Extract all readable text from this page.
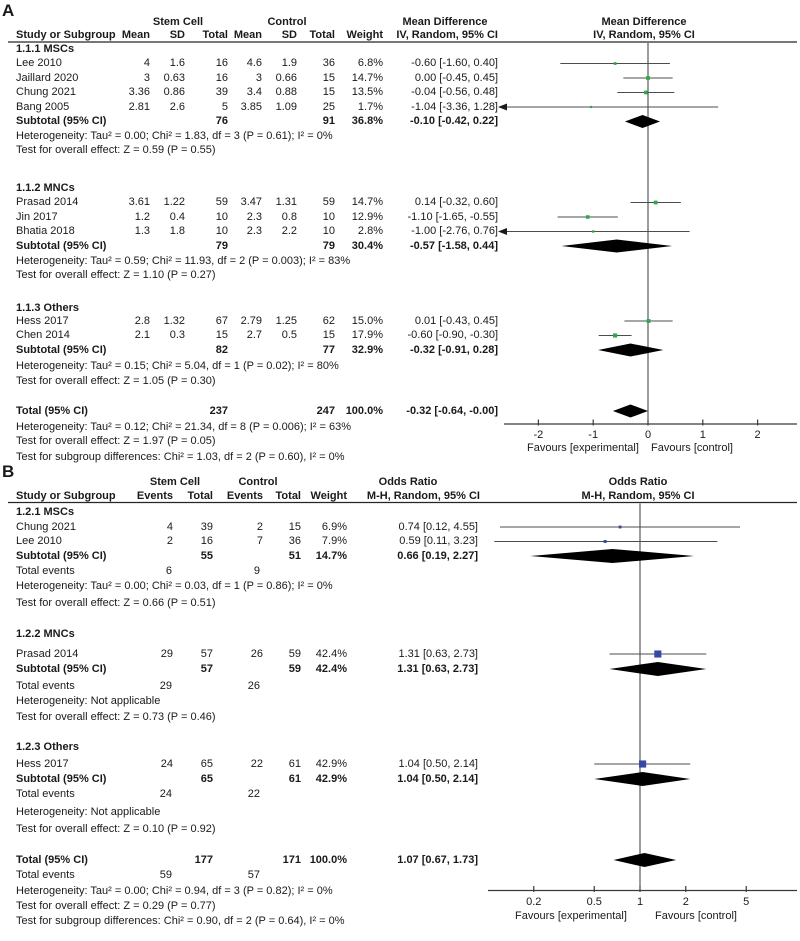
A
Stem Cell	Control	Mean Difference	Mean Difference
Study or Subgroup Mean	SD	Total Mean	SD	Total	Weight	IV, Random, 95% CI	IV, Random, 95% CI
1.1.1 MSCs
Lee 2010	4	1.6	16	4.6	1.9	36	6.8%	-0.60 [-1.60, 0.40]
Jaillard 2020	3	0.63	16	3	0.66	15	14.7%	0.00 [-0.45, 0.45]
Chung 2021	3.36	0.86	39	3.4	0.88	15	13.5%	-0.04 [-0.56, 0.48]
Bang 2005	2.81	2.6	5	3.85	1.09	25	1.7%	-1.04 [-3.36, 1.28]
Subtotal (95% CI)	76	91	36.8%	-0.10 [-0.42, 0.22]
Heterogeneity: Tau² = 0.00; Chi² = 1.83, df = 3 (P = 0.61); I² = 0%
Test for overall effect: Z = 0.59 (P = 0.55)
1.1.2 MNCs
Prasad 2014	3.61	1.22	59	3.47	1.31	59	14.7%	0.14 [-0.32, 0.60]
Jin 2017	1.2	0.4	10	2.3	0.8	10	12.9%	-1.10 [-1.65, -0.55]
Bhatia 2018	1.3	1.8	10	2.3	2.2	10	2.8%	-1.00 [-2.76, 0.76]
Subtotal (95% CI)	79	79	30.4%	-0.57 [-1.58, 0.44]
Heterogeneity: Tau² = 0.59; Chi² = 11.93, df = 2 (P = 0.003); I² = 83%
Test for overall effect: Z = 1.10 (P = 0.27)
1.1.3 Others
Hess 2017	2.8	1.32	67	2.79	1.25	62	15.0%	0.01 [-0.43, 0.45]
Chen 2014	2.1	0.3	15	2.7	0.5	15	17.9%	-0.60 [-0.90, -0.30]
Subtotal (95% CI)	82	77	32.9%	-0.32 [-0.91, 0.28]
Heterogeneity: Tau² = 0.15; Chi² = 5.04, df = 1 (P = 0.02); I² = 80%
Test for overall effect: Z = 1.05 (P = 0.30)
Total (95% CI)	237	247 100.0%	-0.32 [-0.64, -0.00]
Heterogeneity: Tau² = 0.12; Chi² = 21.34, df = 8 (P = 0.006); I² = 63%
Test for overall effect: Z = 1.97 (P = 0.05)
Test for subgroup differences: Chi² = 1.03, df = 2 (P = 0.60), I² = 0%
-2	-1	0	1	2
Favours [experimental]	Favours [control]
B
Stem Cell	Control	Odds Ratio	Odds Ratio
Study or Subgroup	Events	Total	Events	Total Weight	M-H, Random, 95% CI	M-H, Random, 95% CI
1.2.1 MSCs
Chung 2021	4	39	2	15	6.9%	0.74 [0.12, 4.55]
Lee 2010	2	16	7	36	7.9%	0.59 [0.11, 3.23]
Subtotal (95% CI)	55	51	14.7%	0.66 [0.19, 2.27]
Total events	6	9
Heterogeneity: Tau² = 0.00; Chi² = 0.03, df = 1 (P = 0.86); I² = 0%
Test for overall effect: Z = 0.66 (P = 0.51)
1.2.2 MNCs
Prasad 2014	29	57	26	59	42.4%	1.31 [0.63, 2.73]
Subtotal (95% CI)	57	59	42.4%	1.31 [0.63, 2.73]
Total events	29	26
Heterogeneity: Not applicable
Test for overall effect: Z = 0.73 (P = 0.46)
1.2.3 Others
Hess 2017	24	65	22	61	42.9%	1.04 [0.50, 2.14]
Subtotal (95% CI)	65	61	42.9%	1.04 [0.50, 2.14]
Total events	24	22
Heterogeneity: Not applicable
Test for overall effect: Z = 0.10 (P = 0.92)
Total (95% CI)	177	171 100.0%	1.07 [0.67, 1.73]
Total events	59	57
Heterogeneity: Tau² = 0.00; Chi² = 0.94, df = 3 (P = 0.82); I² = 0%
Test for overall effect: Z = 0.29 (P = 0.77)
Test for subgroup differences: Chi² = 0.90, df = 2 (P = 0.64), I² = 0%
0.2	0.5	1	2	5
Favours [experimental]	Favours [control]
